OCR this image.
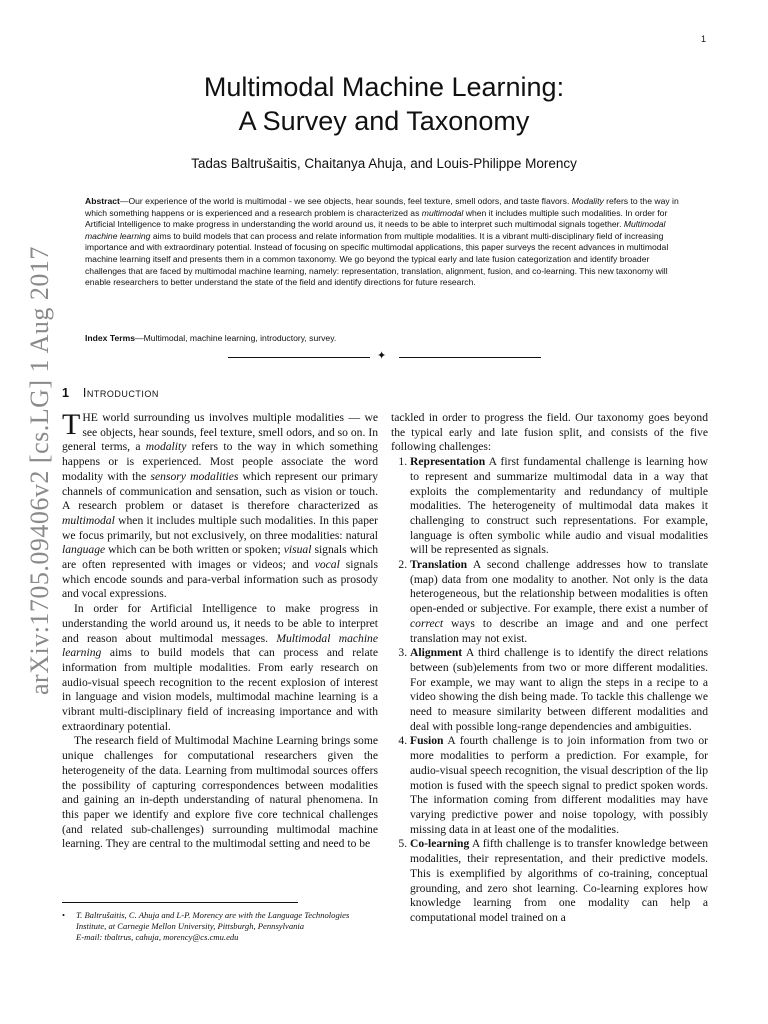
1
arXiv:1705.09406v2 [cs.LG] 1 Aug 2017
Multimodal Machine Learning:
A Survey and Taxonomy
Tadas Baltrušaitis, Chaitanya Ahuja, and Louis-Philippe Morency

Abstract—Our experience of the world is multimodal - we see objects, hear sounds, feel texture, smell odors, and taste flavors. Modality refers to the way in which something happens or is experienced and a research problem is characterized as multimodal when it includes multiple such modalities. In order for Artificial Intelligence to make progress in understanding the world around us, it needs to be able to interpret such multimodal signals together. Multimodal machine learning aims to build models that can process and relate information from multiple modalities. It is a vibrant multi-disciplinary field of increasing importance and with extraordinary potential. Instead of focusing on specific multimodal applications, this paper surveys the recent advances in multimodal machine learning itself and presents them in a common taxonomy. We go beyond the typical early and late fusion categorization and identify broader challenges that are faced by multimodal machine learning, namely: representation, translation, alignment, fusion, and co-learning. This new taxonomy will enable researchers to better understand the state of the field and identify directions for future research.

Index Terms—Multimodal, machine learning, introductory, survey.
✦
1 Introduction

THE world surrounding us involves multiple modalities — we see objects, hear sounds, feel texture, smell odors, and so on. In general terms, a modality refers to the way in which something happens or is experienced. Most people associate the word modality with the sensory modalities which represent our primary channels of communication and sensation, such as vision or touch. A research problem or dataset is therefore characterized as multimodal when it includes multiple such modalities. In this paper we focus primarily, but not exclusively, on three modalities: natural language which can be both written or spoken; visual signals which are often represented with images or videos; and vocal signals which encode sounds and para-verbal information such as prosody and vocal expressions.

In order for Artificial Intelligence to make progress in understanding the world around us, it needs to be able to interpret and reason about multimodal messages. Multimodal machine learning aims to build models that can process and relate information from multiple modalities. From early research on audio-visual speech recognition to the recent explosion of interest in language and vision models, multimodal machine learning is a vibrant multi-disciplinary field of increasing importance and with extraordinary potential.

The research field of Multimodal Machine Learning brings some unique challenges for computational researchers given the heterogeneity of the data. Learning from multimodal sources offers the possibility of capturing correspondences between modalities and gaining an in-depth understanding of natural phenomena. In this paper we identify and explore five core technical challenges (and related sub-challenges) surrounding multimodal machine learning. They are central to the multimodal setting and need to be

• T. Baltrušaitis, C. Ahuja and L-P. Morency are with the Language Technologies Institute, at Carnegie Mellon University, Pittsburgh, Pennsylvania
E-mail: tbaltrus, cahuja, morency@cs.cmu.edu

tackled in order to progress the field. Our taxonomy goes beyond the typical early and late fusion split, and consists of the five following challenges:

1. Representation A first fundamental challenge is learning how to represent and summarize multimodal data in a way that exploits the complementarity and redundancy of multiple modalities. The heterogeneity of multimodal data makes it challenging to construct such representations. For example, language is often symbolic while audio and visual modalities will be represented as signals.
2. Translation A second challenge addresses how to translate (map) data from one modality to another. Not only is the data heterogeneous, but the relationship between modalities is often open-ended or subjective. For example, there exist a number of correct ways to describe an image and and one perfect translation may not exist.
3. Alignment A third challenge is to identify the direct relations between (sub)elements from two or more different modalities. For example, we may want to align the steps in a recipe to a video showing the dish being made. To tackle this challenge we need to measure similarity between different modalities and deal with possible long-range dependencies and ambiguities.
4. Fusion A fourth challenge is to join information from two or more modalities to perform a prediction. For example, for audio-visual speech recognition, the visual description of the lip motion is fused with the speech signal to predict spoken words. The information coming from different modalities may have varying predictive power and noise topology, with possibly missing data in at least one of the modalities.
5. Co-learning A fifth challenge is to transfer knowledge between modalities, their representation, and their predictive models. This is exemplified by algorithms of co-training, conceptual grounding, and zero shot learning. Co-learning explores how knowledge learning from one modality can help a computational model trained on a
